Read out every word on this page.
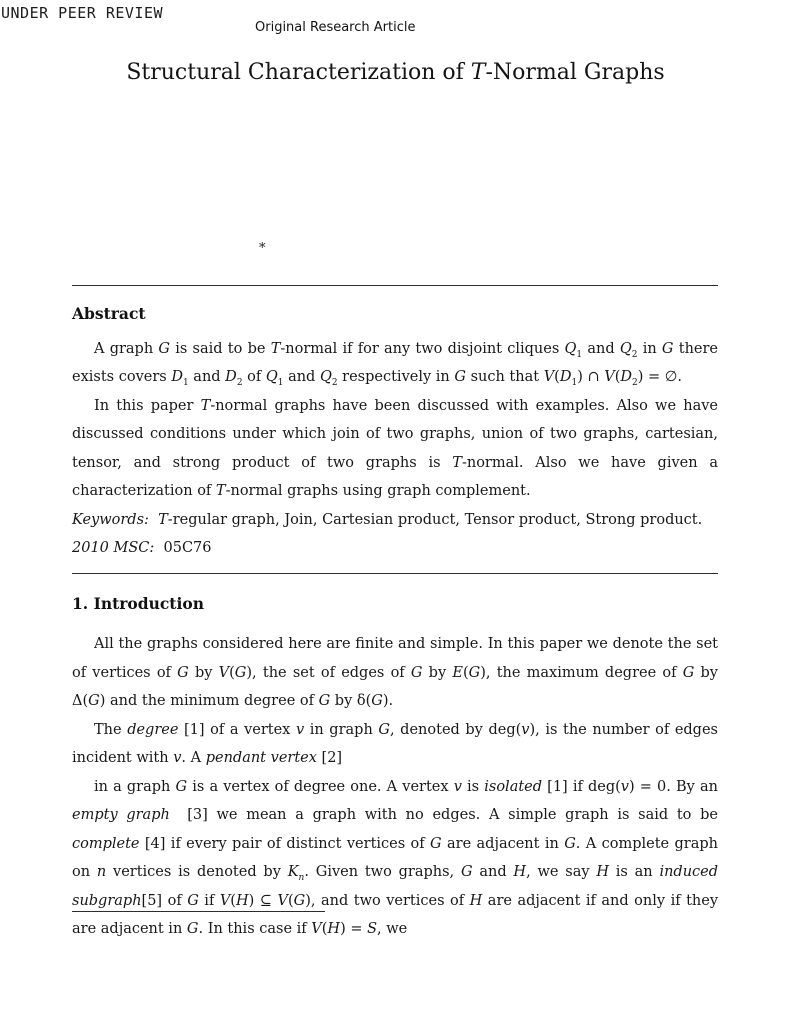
UNDER PEER REVIEW
Original Research Article
Structural Characterization of T-Normal Graphs
*
Abstract

A graph G is said to be T-normal if for any two disjoint cliques $Q_1$ and $Q_2$ in G there exists covers $D_1$ and $D_2$ of $Q_1$ and $Q_2$ respectively in G such that $V(D_1)$ ∩ $V(D_2)$ = ∅.

In this paper T-normal graphs have been discussed with examples. Also we have discussed conditions under which join of two graphs, union of two graphs, cartesian, tensor, and strong product of two graphs is T-normal. Also we have given a characterization of T-normal graphs using graph complement.

Keywords: T-regular graph, Join, Cartesian product, Tensor product, Strong product.

2010 MSC:  05C76

1. Introduction

All the graphs considered here are finite and simple. In this paper we denote the set of vertices of G by V(G), the set of edges of G by E(G), the maximum degree of G by Δ(G) and the minimum degree of G by δ(G).

The degree [1] of a vertex v in graph G, denoted by deg(v), is the number of edges incident with v. A pendant vertex [2]

in a graph G is a vertex of degree one. A vertex v is isolated [1] if deg(v) = 0. By an empty graph  [3] we mean a graph with no edges. A simple graph is said to be complete [4] if every pair of distinct vertices of G are adjacent in G. A complete graph on n vertices is denoted by $K_n$. Given two graphs, G and H, we say H is an induced subgraph[5] of G if V(H) ⊆ V(G), and two vertices of H are adjacent if and only if they are adjacent in G. In this case if V(H) = S, we
